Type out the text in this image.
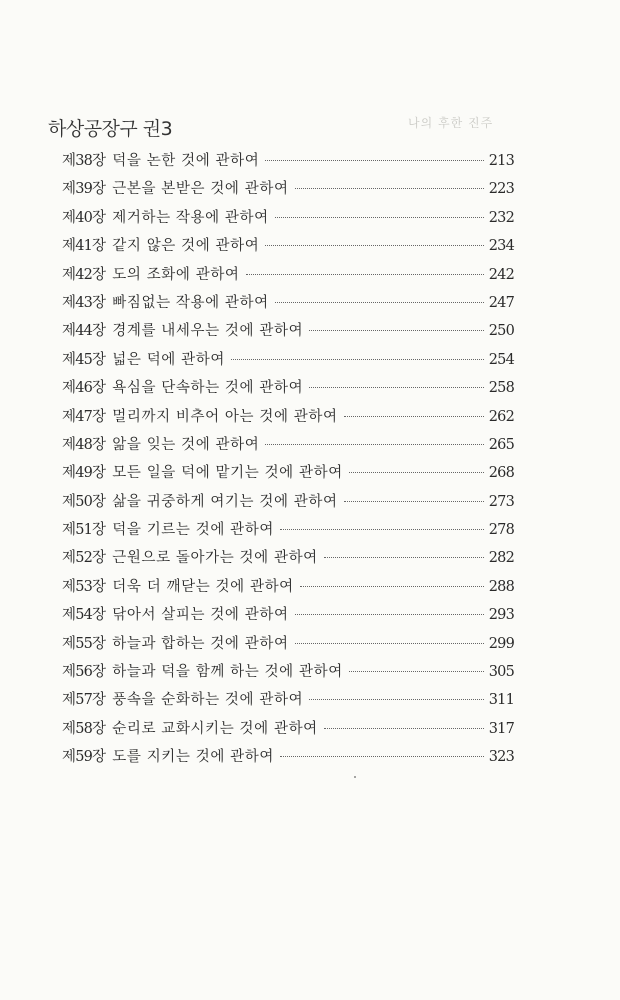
나의 후한 진주
하상공장구 권3
제38장 덕을 논한 것에 관하여	213
제39장 근본을 본받은 것에 관하여	223
제40장 제거하는 작용에 관하여	232
제41장 같지 않은 것에 관하여	234
제42장 도의 조화에 관하여	242
제43장 빠짐없는 작용에 관하여	247
제44장 경계를 내세우는 것에 관하여	250
제45장 넓은 덕에 관하여	254
제46장 욕심을 단속하는 것에 관하여	258
제47장 멀리까지 비추어 아는 것에 관하여	262
제48장 앎을 잊는 것에 관하여	265
제49장 모든 일을 덕에 맡기는 것에 관하여	268
제50장 삶을 귀중하게 여기는 것에 관하여	273
제51장 덕을 기르는 것에 관하여	278
제52장 근원으로 돌아가는 것에 관하여	282
제53장 더욱 더 깨닫는 것에 관하여	288
제54장 닦아서 살피는 것에 관하여	293
제55장 하늘과 합하는 것에 관하여	299
제56장 하늘과 덕을 함께 하는 것에 관하여	305
제57장 풍속을 순화하는 것에 관하여	311
제58장 순리로 교화시키는 것에 관하여	317
제59장 도를 지키는 것에 관하여	323
